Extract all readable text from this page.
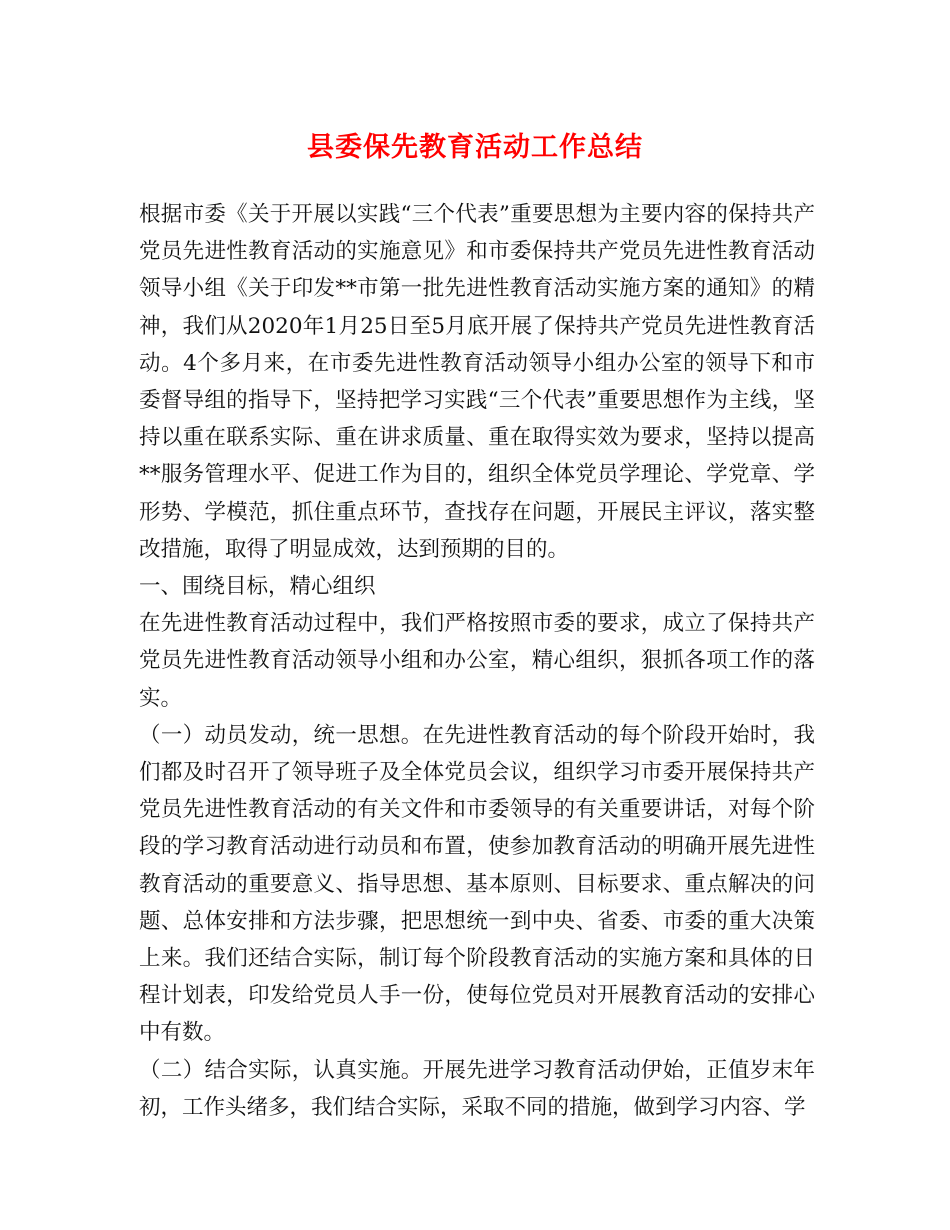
县委保先教育活动工作总结

根据市委《关于开展以实践“三个代表”重要思想为主要内容的保持共产党员先进性教育活动的实施意见》和市委保持共产党员先进性教育活动领导小组《关于印发**市第一批先进性教育活动实施方案的通知》的精神，我们从2020年1月25日至5月底开展了保持共产党员先进性教育活动。4个多月来，在市委先进性教育活动领导小组办公室的领导下和市委督导组的指导下，坚持把学习实践“三个代表”重要思想作为主线，坚持以重在联系实际、重在讲求质量、重在取得实效为要求，坚持以提高**服务管理水平、促进工作为目的，组织全体党员学理论、学党章、学形势、学模范，抓住重点环节，查找存在问题，开展民主评议，落实整改措施，取得了明显成效，达到预期的目的。

一、围绕目标，精心组织

在先进性教育活动过程中，我们严格按照市委的要求，成立了保持共产党员先进性教育活动领导小组和办公室，精心组织，狠抓各项工作的落实。

（一）动员发动，统一思想。在先进性教育活动的每个阶段开始时，我们都及时召开了领导班子及全体党员会议，组织学习市委开展保持共产党员先进性教育活动的有关文件和市委领导的有关重要讲话，对每个阶段的学习教育活动进行动员和布置，使参加教育活动的明确开展先进性教育活动的重要意义、指导思想、基本原则、目标要求、重点解决的问题、总体安排和方法步骤，把思想统一到中央、省委、市委的重大决策上来。我们还结合实际，制订每个阶段教育活动的实施方案和具体的日程计划表，印发给党员人手一份，使每位党员对开展教育活动的安排心中有数。

（二）结合实际，认真实施。开展先进学习教育活动伊始，正值岁末年初，工作头绪多，我们结合实际，采取不同的措施，做到学习内容、学
